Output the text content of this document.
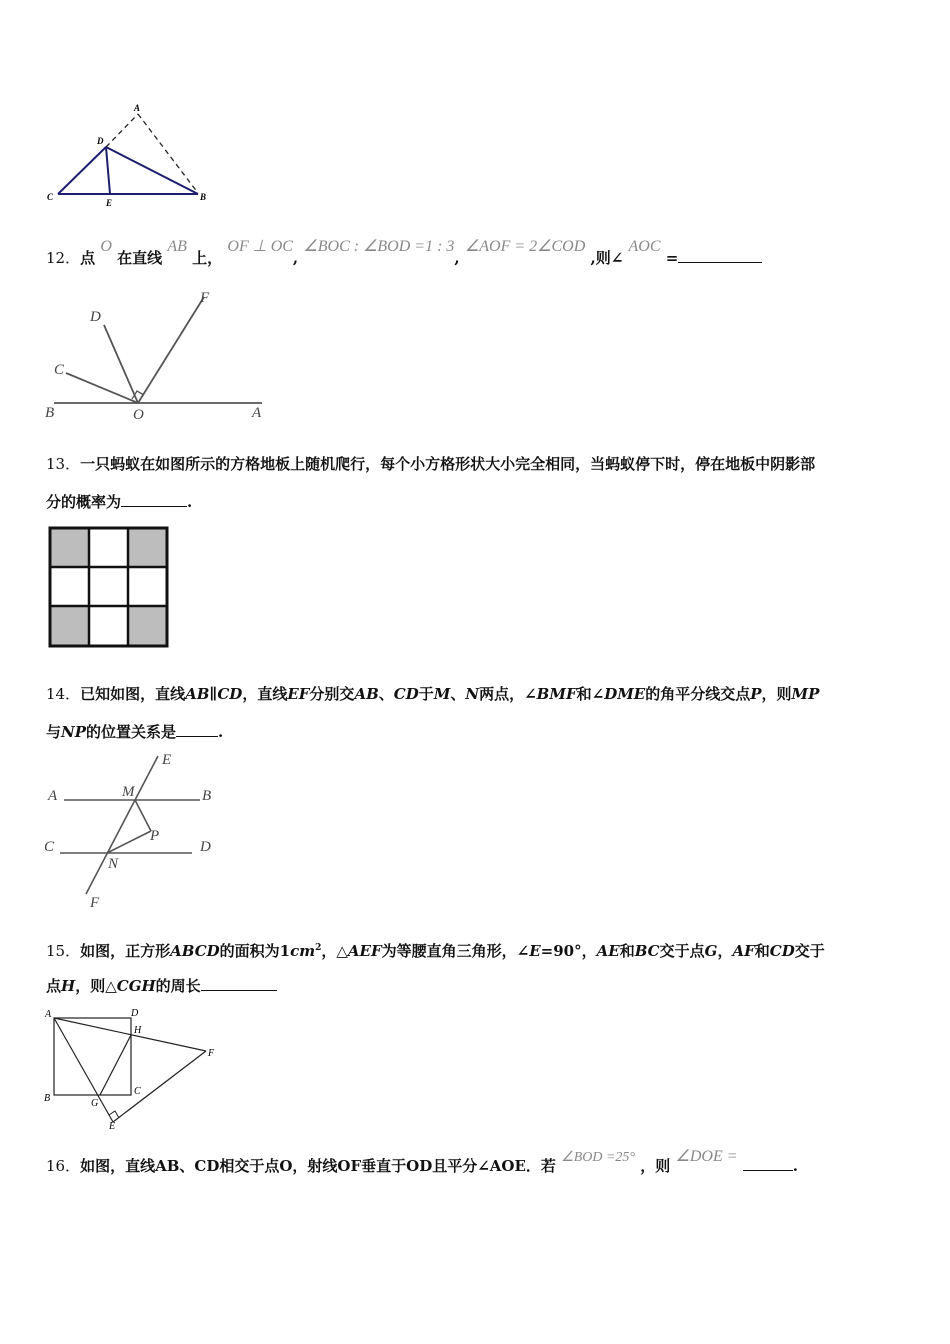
A
D
C
E
B
12．点 O 在直线 AB 上， OF ⊥ OC, ∠BOC : ∠BOD =1 : 3, ∠AOF = 2∠COD ,则∠ AOC =
B	O	A
C
D
F
13．一只蚂蚁在如图所示的方格地板上随机爬行，每个小方格形状大小完全相同，当蚂蚁停下时，停在地板中阴影部
分的概率为	.
14．已知如图，直线AB∥CD，直线EF分别交AB、CD于M、N两点，∠BMF和∠DME的角平分线交点P，则MP
与NP的位置关系是	.
A	M	B
E
P
C	D
N
F
15．如图，正方形ABCD的面积为$1cm^2$，△AEF为等腰直角三角形，∠E=90°，AE和BC交于点G，AF和CD交于
点H，则△CGH的周长
A	D
H
F
B
C
G
E
16．如图，直线AB、CD相交于点O，射线OF垂直于OD且平分∠AOE．若 ∠BOD =25° ，则 ∠DOE = .
